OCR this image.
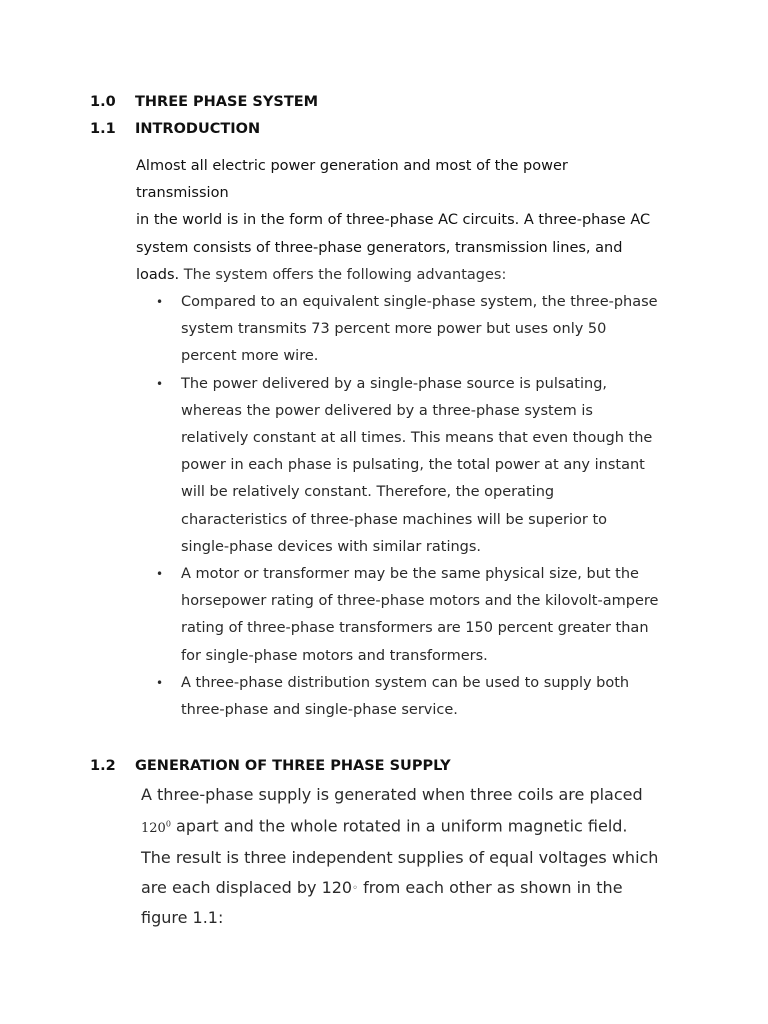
1.0 THREE PHASE SYSTEM
1.1 INTRODUCTION

Almost all electric power generation and most of the power

transmission

in the world is in the form of three-phase AC circuits. A three-phase AC

system consists of three-phase generators, transmission lines, and

loads. The system offers the following advantages:

• Compared to an equivalent single-phase system, the three-phase
system transmits 73 percent more power but uses only 50
percent more wire.
• The power delivered by a single-phase source is pulsating,
whereas the power delivered by a three-phase system is
relatively constant at all times. This means that even though the
power in each phase is pulsating, the total power at any instant
will be relatively constant. Therefore, the operating
characteristics of three-phase machines will be superior to
single-phase devices with similar ratings.
• A motor or transformer may be the same physical size, but the
horsepower rating of three-phase motors and the kilovolt-ampere
rating of three-phase transformers are 150 percent greater than
for single-phase motors and transformers.
• A three-phase distribution system can be used to supply both
three-phase and single-phase service.
1.2 GENERATION OF THREE PHASE SUPPLY

A three-phase supply is generated when three coils are placed

$120^0$ apart and the whole rotated in a uniform magnetic field.

The result is three independent supplies of equal voltages which

are each displaced by 120◦ from each other as shown in the

figure 1.1:
